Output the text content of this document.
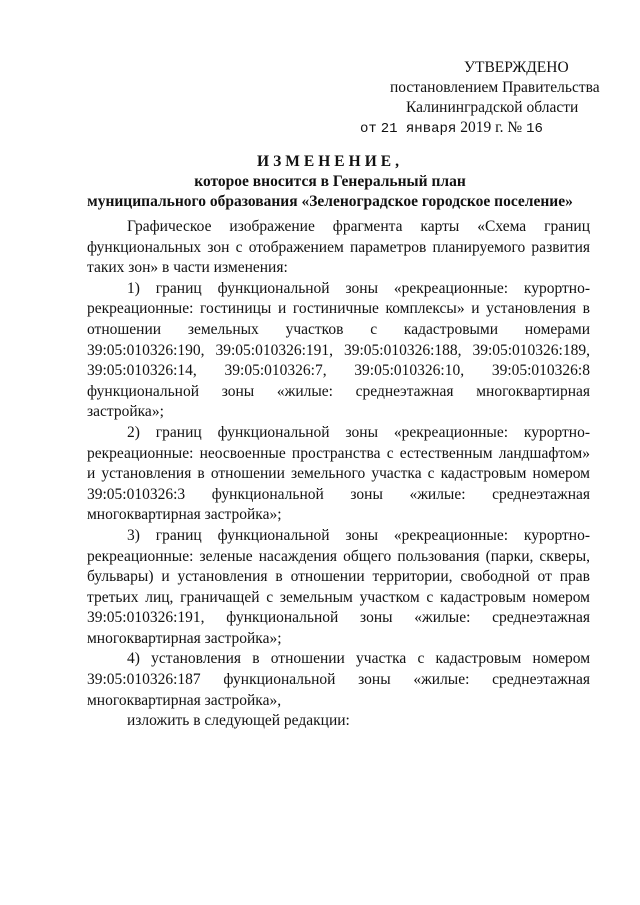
УТВЕРЖДЕНО
постановлением Правительства
Калининградской области
от 21 января 2019 г. № 16
ИЗМЕНЕНИЕ,
которое вносится в Генеральный план
муниципального образования «Зеленоградское городское поселение»

Графическое изображение фрагмента карты «Схема границ функциональных зон с отображением параметров планируемого развития таких зон» в части изменения:

1) границ функциональной зоны «рекреационные: курортно-рекреационные: гостиницы и гостиничные комплексы» и установления в отношении земельных участков с кадастровыми номерами 39:05:010326:190, 39:05:010326:191, 39:05:010326:188, 39:05:010326:189, 39:05:010326:14, 39:05:010326:7, 39:05:010326:10, 39:05:010326:8 функциональной зоны «жилые: среднеэтажная многоквартирная застройка»;

2) границ функциональной зоны «рекреационные: курортно-рекреационные: неосвоенные пространства с естественным ландшафтом» и установления в отношении земельного участка с кадастровым номером 39:05:010326:3 функциональной зоны «жилые: среднеэтажная многоквартирная застройка»;

3) границ функциональной зоны «рекреационные: курортно-рекреационные: зеленые насаждения общего пользования (парки, скверы, бульвары) и установления в отношении территории, свободной от прав третьих лиц, граничащей с земельным участком с кадастровым номером 39:05:010326:191, функциональной зоны «жилые: среднеэтажная многоквартирная застройка»;

4) установления в отношении участка с кадастровым номером 39:05:010326:187 функциональной зоны «жилые: среднеэтажная многоквартирная застройка»,

изложить в следующей редакции:
